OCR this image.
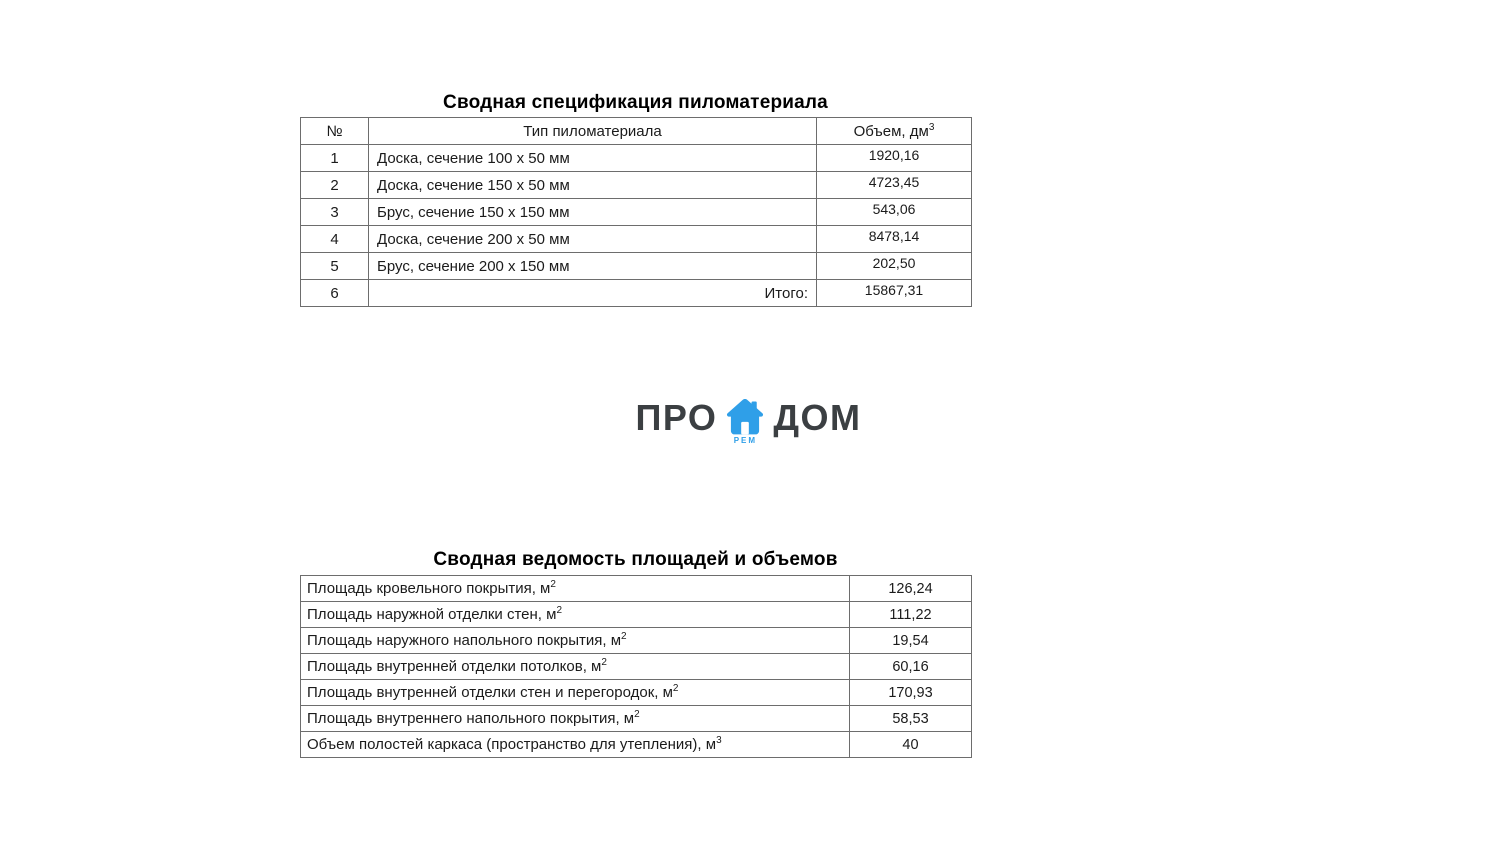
Сводная спецификация пиломатериала
№	Тип пиломатериала	Объем, $дм^3$
1	Доска, сечение 100 х 50 мм	1920,16
2	Доска, сечение 150 х 50 мм	4723,45
3	Брус, сечение 150 х 150 мм	543,06
4	Доска, сечение 200 х 50 мм	8478,14
5	Брус, сечение 200 х 150 мм	202,50
6	Итого:	15867,31
ПРО
РЕМ
ДОМ
Сводная ведомость площадей и объемов
Площадь кровельного покрытия, $м^2$	126,24
Площадь наружной отделки стен, $м^2$	111,22
Площадь наружного напольного покрытия, $м^2$	19,54
Площадь внутренней отделки потолков, $м^2$	60,16
Площадь внутренней отделки стен и перегородок, $м^2$	170,93
Площадь внутреннего напольного покрытия, $м^2$	58,53
Объем полостей каркаса (пространство для утепления), $м^3$	40
